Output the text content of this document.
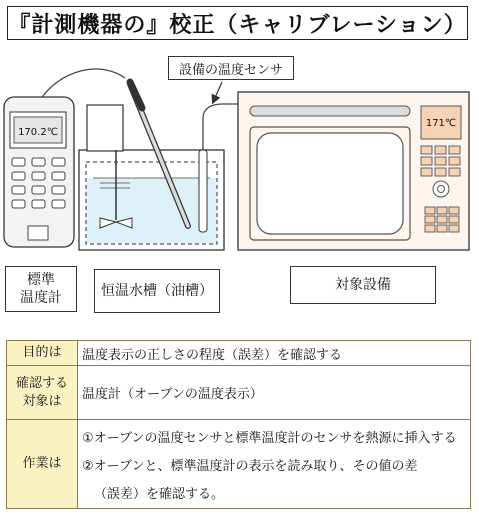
『計測機器の』校正（キャリブレーション）
設備の温度センサ
170.2℃
171℃
標準
温度計	恒温水槽（油槽）	対象設備
目的は	温度表示の正しさの程度（誤差）を確認する
確認する
対象は	温度計（オーブンの温度表示）
作業は	①オーブンの温度センサと標準温度計のセンサを熱源に挿入する
②オーブンと、標準温度計の表示を読み取り、その値の差
（誤差）を確認する。
